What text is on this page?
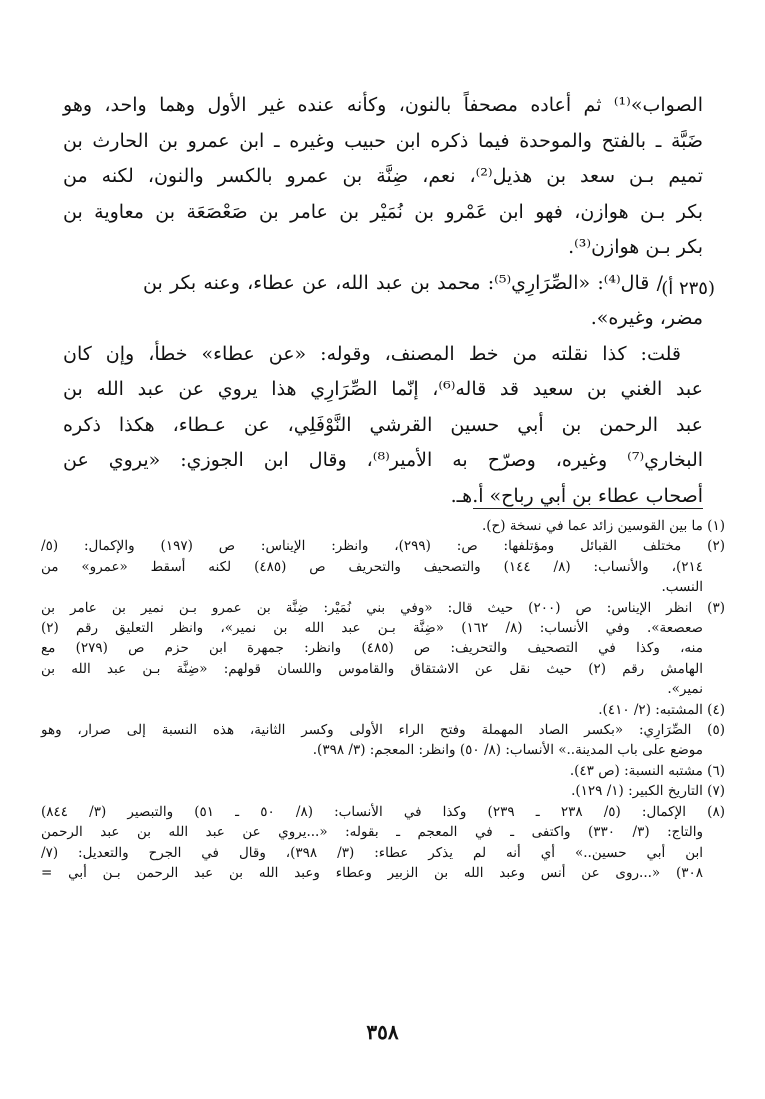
الصواب»⁽¹⁾ ثم أعاده مصحفاً بالنون، وكأنه عنده غير الأول وهما واحد، وهو
ضَبَّة ـ بالفتح والموحدة فيما ذكره ابن حبيب وغيره ـ ابن عمرو بن الحارث بن
تميم بـن سعد بن هذيل⁽²⁾، نعم، ضِنَّة بن عمرو بالكسر والنون، لكنه من
بكر بـن هوازن، فهو ابن عَمْرو بن نُمَيْر بن عامر بن صَعْصَعَة بن معاوية بن
بكر بـن هوازن⁽³⁾.
/ قال⁽⁴⁾: «الصِّرَارِي⁽⁵⁾: محمد بن عبد الله، عن عطاء، وعنه بكر بن
مضر، وغيره».
قلت: كذا نقلته من خط المصنف، وقوله: «عن عطاء» خطأ، وإن كان
عبد الغني بن سعيد قد قاله⁽⁶⁾، إنّما الصِّرَارِي هذا يروي عن عبد الله بن
عبد الرحمن بن أبي حسين القرشي النَّوْفَلِي، عن عـطاء، هكذا ذكره
البخاري⁽⁷⁾ وغيره، وصرّح به الأمير⁽⁸⁾، وقال ابن الجوزي: «يروي عن
أصحاب عطاء بن أبي رباح» أ.هـ.
(٢٣٥ أ)
(١) ما بين القوسين زائد عما في نسخة (ح).
(٢) مختلف القبائل ومؤتلفها: ص: (٢٩٩)، وانظر: الإيناس: ص (١٩٧) والإكمال: (٥/
٢١٤)، والأنساب: (٨/ ١٤٤) والتصحيف والتحريف ص (٤٨٥) لكنه أسقط «عمرو» من
النسب.
(٣) انظر الإيناس: ص (٢٠٠) حيث قال: «وفي بني نُمَيْر: ضِنَّة بن عمرو بـن نمير بن عامر بن
صعصعة». وفي الأنساب: (٨/ ١٦٢) «ضِنَّة بـن عبد الله بن نمير»، وانظر التعليق رقم (٢)
منه، وكذا في التصحيف والتحريف: ص (٤٨٥) وانظر: جمهرة ابن حزم ص (٢٧٩) مع
الهامش رقم (٢) حيث نقل عن الاشتقاق والقاموس واللسان قولهم: «ضِنَّة بـن عبد الله بن
نمير».
(٤) المشتبه: (٢/ ٤١٠).
(٥) الصِّرَارِي: «بكسر الصاد المهملة وفتح الراء الأولى وكسر الثانية، هذه النسبة إلى صرار، وهو
موضع على باب المدينة..» الأنساب: (٨/ ٥٠) وانظر: المعجم: (٣/ ٣٩٨).
(٦) مشتبه النسبة: (ص ٤٣).
(٧) التاريخ الكبير: (١/ ١٢٩).
(٨) الإكمال: (٥/ ٢٣٨ ـ ٢٣٩) وكذا في الأنساب: (٨/ ٥٠ ـ ٥١) والتبصير (٣/ ٨٤٤)
والتاج: (٣/ ٣٣٠) واكتفى ـ في المعجم ـ بقوله: «...يروي عن عبد الله بن عبد الرحمن
ابن أبي حسين..» أي أنه لم يذكر عطاء: (٣/ ٣٩٨)، وقال في الجرح والتعديل: (٧/
٣٠٨) «...روى عن أنس وعبد الله بن الزبير وعطاء وعبد الله بن عبد الرحمن بـن أبي =
٣٥٨
